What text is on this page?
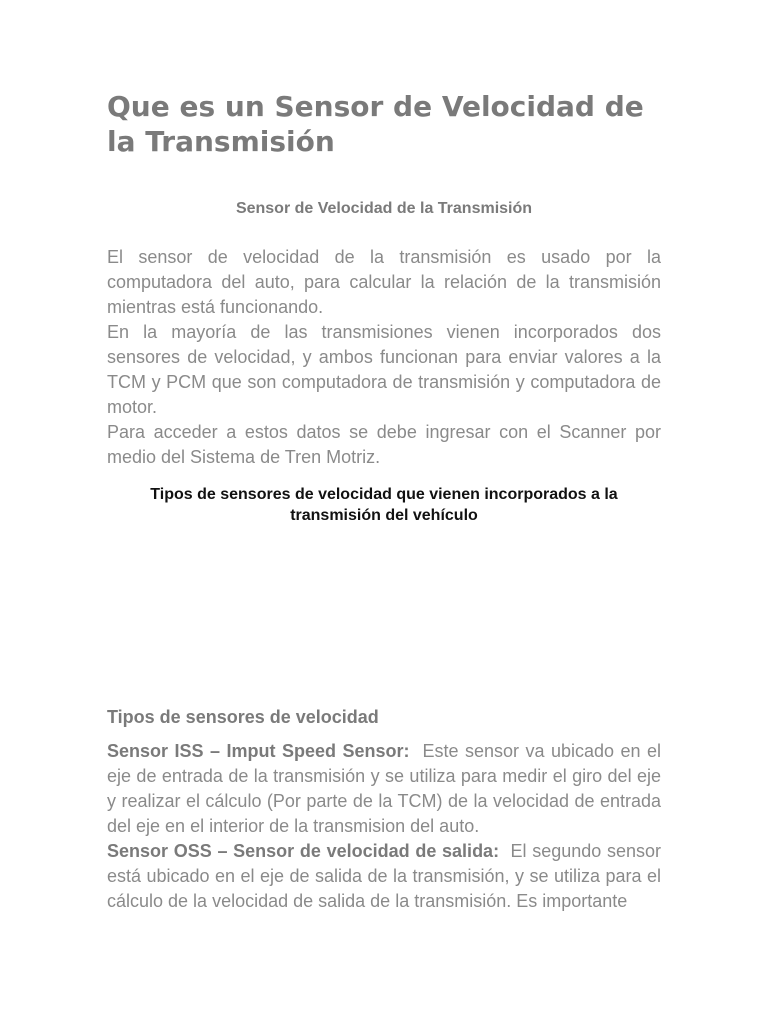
Que es un Sensor de Velocidad de la Transmisión
Sensor de Velocidad de la Transmisión

El sensor de velocidad de la transmisión es usado por la computadora del auto, para calcular la relación de la transmisión mientras está funcionando.

En la mayoría de las transmisiones vienen incorporados dos sensores de velocidad, y ambos funcionan para enviar valores a la TCM y PCM que son computadora de transmisión y computadora de motor.

Para acceder a estos datos se debe ingresar con el Scanner por medio del Sistema de Tren Motriz.

Tipos de sensores de velocidad que vienen incorporados a la transmisión del vehículo
Tipos de sensores de velocidad

Sensor ISS – Imput Speed Sensor: Este sensor va ubicado en el eje de entrada de la transmisión y se utiliza para medir el giro del eje y realizar el cálculo (Por parte de la TCM) de la velocidad de entrada del eje en el interior de la transmision del auto.

Sensor OSS – Sensor de velocidad de salida: El segundo sensor está ubicado en el eje de salida de la transmisión, y se utiliza para el cálculo de la velocidad de salida de la transmisión. Es importante
